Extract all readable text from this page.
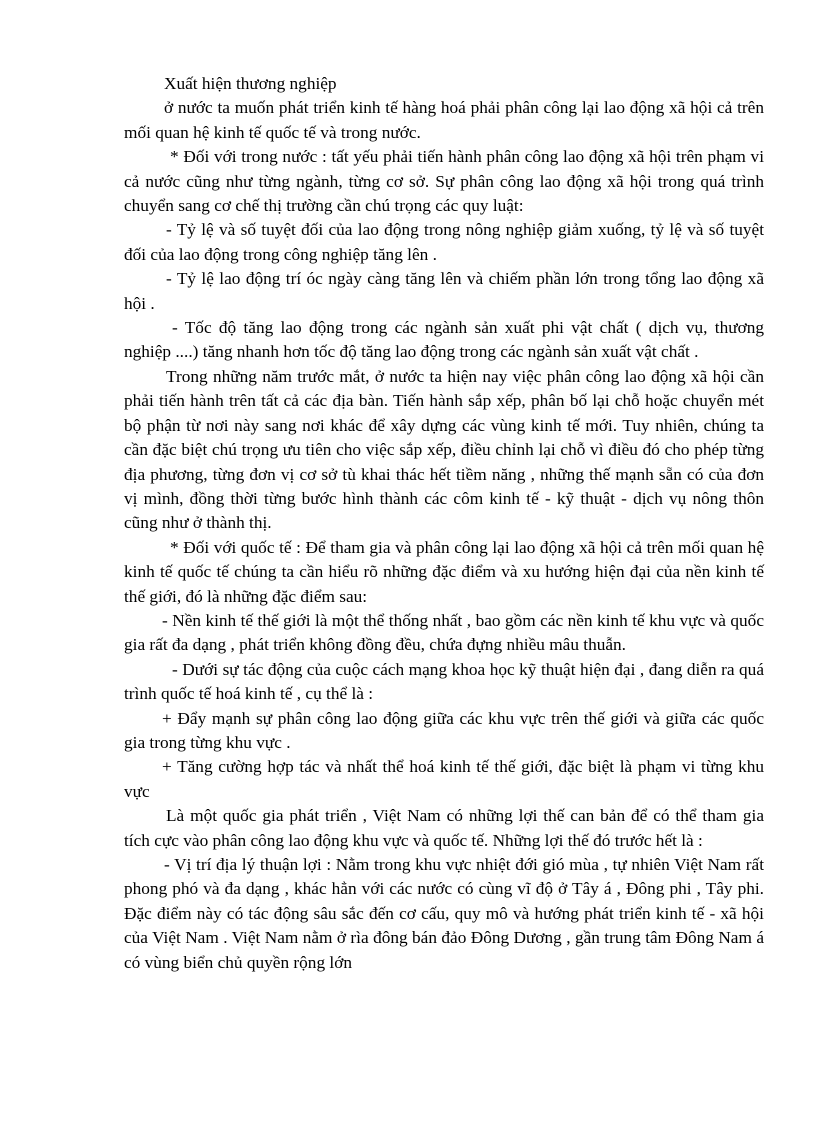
Xuất hiện thương nghiệp

ở nước ta muốn phát triển kinh tế hàng hoá phải phân công lại lao động xã hội cả trên mối quan hệ kinh tế quốc tế và trong nước.

* Đối với trong nước : tất yếu phải tiến hành phân công lao động xã hội trên phạm vi cả nước cũng như từng ngành, từng cơ sở. Sự phân công lao động xã hội trong quá trình chuyển sang cơ chế thị trường cần chú trọng các quy luật:

- Tỷ lệ và số tuyệt đối của lao động trong nông nghiệp giảm xuống, tỷ lệ và số tuyệt đối của lao động trong công nghiệp tăng lên .

- Tỷ lệ lao động trí óc ngày càng tăng lên và chiếm phần lớn trong tổng lao động xã hội .

- Tốc độ tăng lao động trong các ngành sản xuất phi vật chất ( dịch vụ, thương nghiệp ....) tăng nhanh hơn tốc độ tăng lao động trong các ngành sản xuất vật chất .

Trong những năm trước mắt, ở nước ta hiện nay việc phân công lao động xã hội cần phải tiến hành trên tất cả các địa bàn. Tiến hành sắp xếp, phân bố lại chỗ hoặc chuyển mét bộ phận từ nơi này sang nơi khác để xây dựng các vùng kinh tế mới. Tuy nhiên, chúng ta cần đặc biệt chú trọng ưu tiên cho việc sắp xếp, điều chỉnh lại chỗ vì điều đó cho phép từng địa phương, từng đơn vị cơ sở tù khai thác hết tiềm năng , những thế mạnh sẵn có của đơn vị mình, đồng thời từng bước hình thành các côm kinh tế - kỹ thuật - dịch vụ nông thôn cũng như ở thành thị.

* Đối với quốc tế : Để tham gia và phân công lại lao động xã hội cả trên mối quan hệ kinh tế quốc tế chúng ta cần hiểu rõ những đặc điểm và xu hướng hiện đại của nền kinh tế thế giới, đó là những đặc điểm sau:

- Nền kinh tế thế giới là một thể thống nhất , bao gồm các nền kinh tế khu vực và quốc gia rất đa dạng , phát triển không đồng đều, chứa đựng nhiều mâu thuẫn.

- Dưới sự tác động của cuộc cách mạng khoa học kỹ thuật hiện đại , đang diễn ra quá trình quốc tế hoá kinh tế , cụ thể là :

+ Đẩy mạnh sự phân công lao động giữa các khu vực trên thế giới và giữa các quốc gia trong từng khu vực .

+ Tăng cường hợp tác và nhất thể hoá kinh tế thế giới, đặc biệt là phạm vi từng khu vực

Là một quốc gia phát triển , Việt Nam có những lợi thế can bản để có thể tham gia tích cực vào phân công lao động khu vực và quốc tế. Những lợi thế đó trước hết là :

- Vị trí địa lý thuận lợi : Nằm trong khu vực nhiệt đới gió mùa , tự nhiên Việt Nam rất phong phó và đa dạng , khác hẳn với các nước có cùng vĩ độ ở Tây á , Đông phi , Tây phi. Đặc điểm này có tác động sâu sắc đến cơ cấu, quy mô và hướng phát triển kinh tế - xã hội của Việt Nam . Việt Nam nằm ở rìa đông bán đảo Đông Dương , gần trung tâm Đông Nam á có vùng biển chủ quyền rộng lớn
